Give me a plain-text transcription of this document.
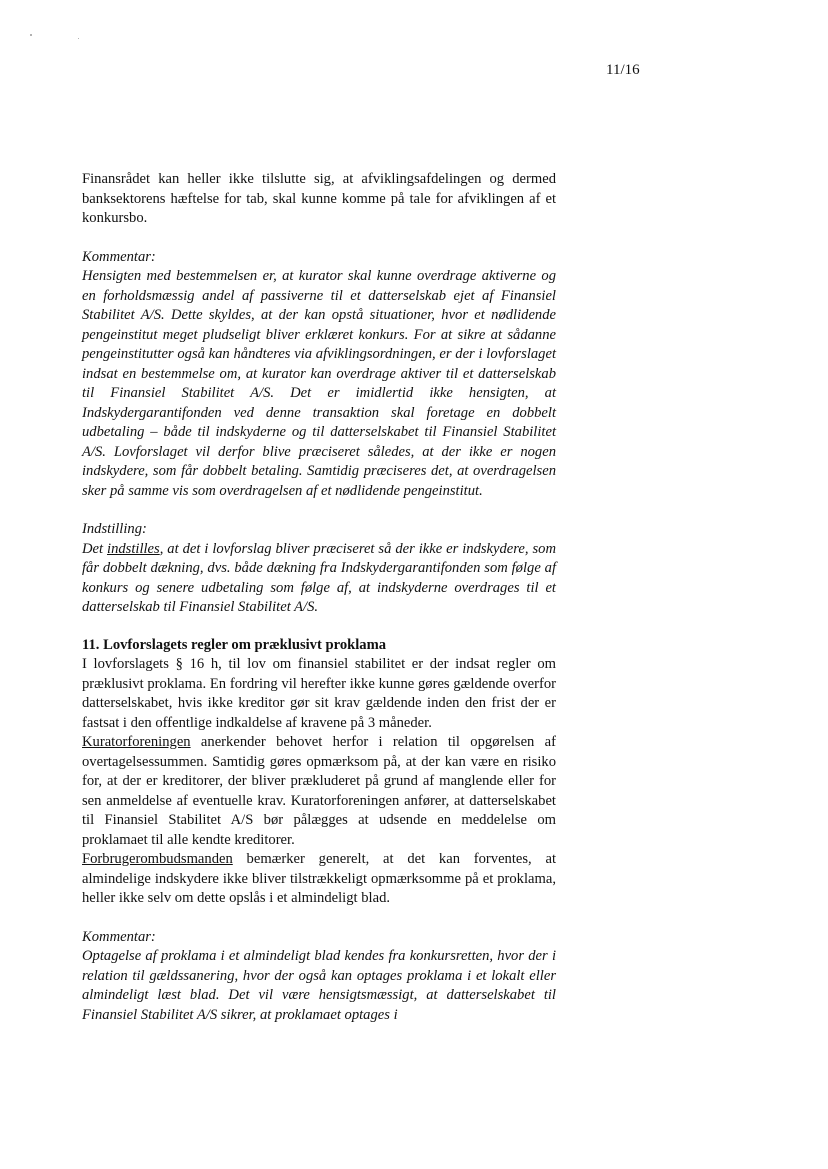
11/16

Finansrådet kan heller ikke tilslutte sig, at afviklingsafdelingen og dermed banksektorens hæftelse for tab, skal kunne komme på tale for afviklingen af et konkursbo.

Kommentar:

Hensigten med bestemmelsen er, at kurator skal kunne overdrage aktiverne og en forholdsmæssig andel af passiverne til et datterselskab ejet af Finansiel Stabilitet A/S. Dette skyldes, at der kan opstå situationer, hvor et nødlidende pengeinstitut meget pludseligt bliver erklæret konkurs. For at sikre at sådanne pengeinstitutter også kan håndteres via afviklingsordningen, er der i lovforslaget indsat en bestemmelse om, at kurator kan overdrage aktiver til et datterselskab til Finansiel Stabilitet A/S. Det er imidlertid ikke hensigten, at Indskydergarantifonden ved denne transaktion skal foretage en dobbelt udbetaling – både til indskyderne og til datterselskabet til Finansiel Stabilitet A/S. Lovforslaget vil derfor blive præciseret således, at der ikke er nogen indskydere, som får dobbelt betaling. Samtidig præciseres det, at overdragelsen sker på samme vis som overdragelsen af et nødlidende pengeinstitut.

Indstilling:

Det indstilles, at det i lovforslag bliver præciseret så der ikke er indskydere, som får dobbelt dækning, dvs. både dækning fra Indskydergarantifonden som følge af konkurs og senere udbetaling som følge af, at indskyderne overdrages til et datterselskab til Finansiel Stabilitet A/S.

11. Lovforslagets regler om præklusivt proklama

I lovforslagets § 16 h, til lov om finansiel stabilitet er der indsat regler om præklusivt proklama. En fordring vil herefter ikke kunne gøres gældende overfor datterselskabet, hvis ikke kreditor gør sit krav gældende inden den frist der er fastsat i den offentlige indkaldelse af kravene på 3 måneder.

Kuratorforeningen anerkender behovet herfor i relation til opgørelsen af overtagelsessummen. Samtidig gøres opmærksom på, at der kan være en risiko for, at der er kreditorer, der bliver prækluderet på grund af manglende eller for sen anmeldelse af eventuelle krav. Kuratorforeningen anfører, at datterselskabet til Finansiel Stabilitet A/S bør pålægges at udsende en meddelelse om proklamaet til alle kendte kreditorer.

Forbrugerombudsmanden bemærker generelt, at det kan forventes, at almindelige indskydere ikke bliver tilstrækkeligt opmærksomme på et proklama, heller ikke selv om dette opslås i et almindeligt blad.

Kommentar:

Optagelse af proklama i et almindeligt blad kendes fra konkursretten, hvor der i relation til gældssanering, hvor der også kan optages proklama i et lokalt eller almindeligt læst blad. Det vil være hensigtsmæssigt, at datterselskabet til Finansiel Stabilitet A/S sikrer, at proklamaet optages i
